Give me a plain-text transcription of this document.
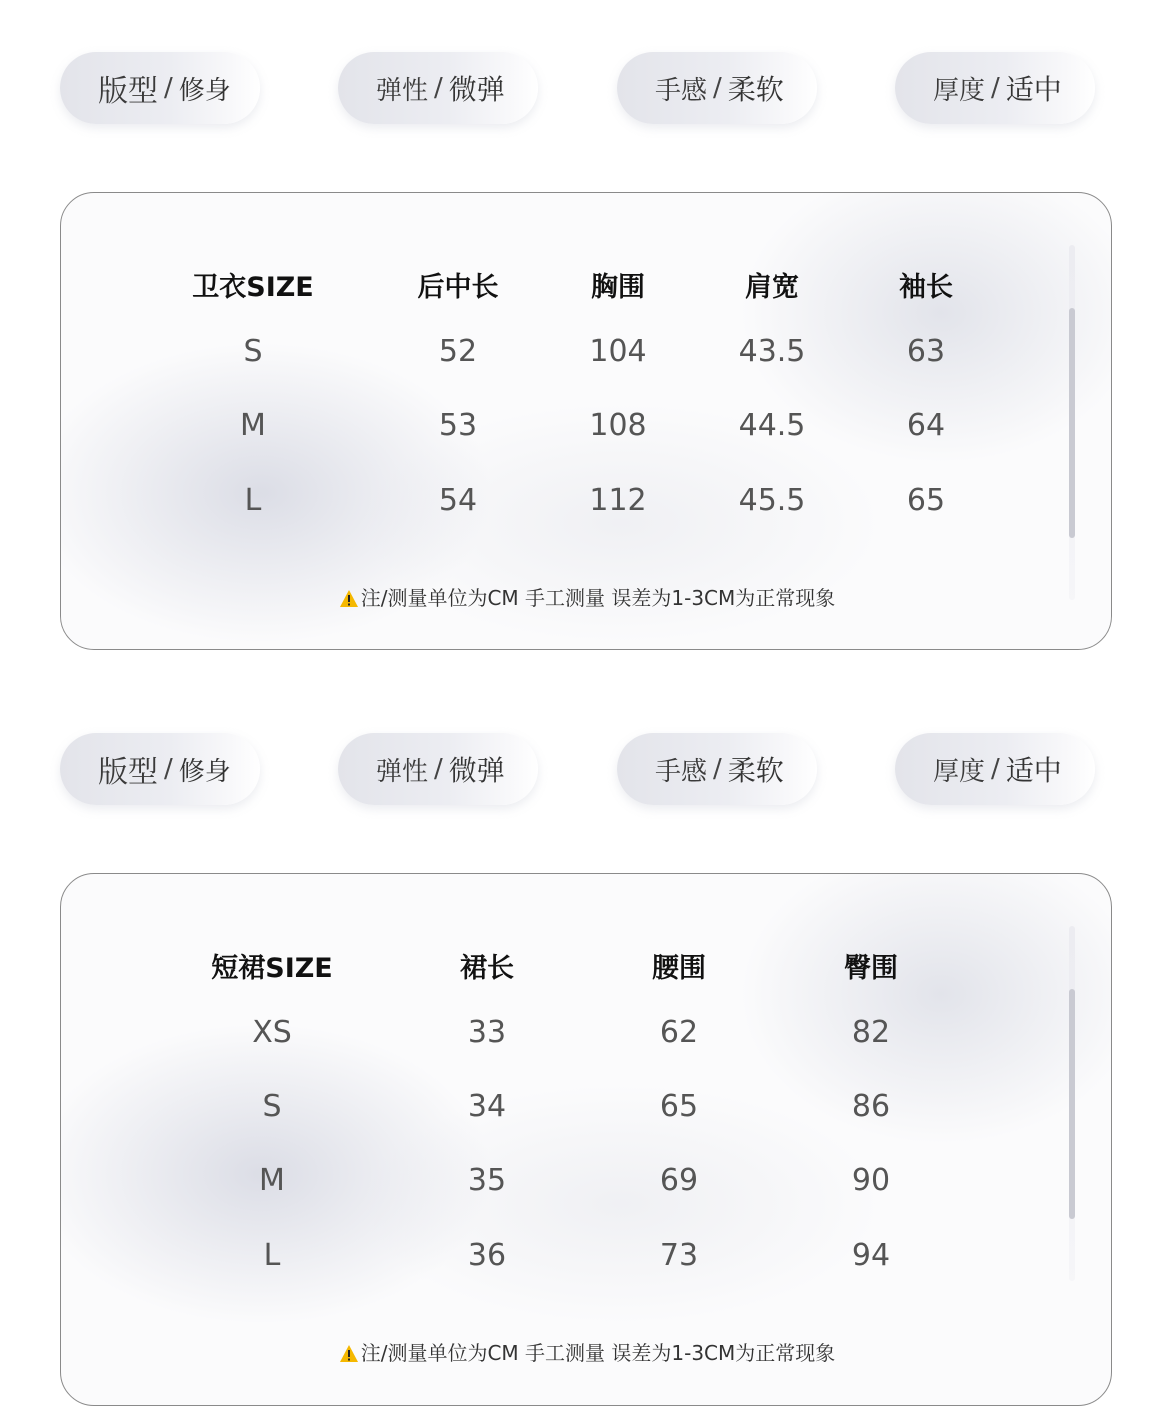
版型 / 修身	弹性 / 微弹	手感 / 柔软	厚度 / 适中
卫衣SIZE	后中长	胸围	肩宽	袖长
S	52	104	43.5	63
M	53	108	44.5	64
L	54	112	45.5	65
注/测量单位为CM 手工测量 误差为1-3CM为正常现象
版型 / 修身	弹性 / 微弹	手感 / 柔软	厚度 / 适中
短裙SIZE	裙长	腰围	臀围
XS	33	62	82
S	34	65	86
M	35	69	90
L	36	73	94
注/测量单位为CM 手工测量 误差为1-3CM为正常现象
